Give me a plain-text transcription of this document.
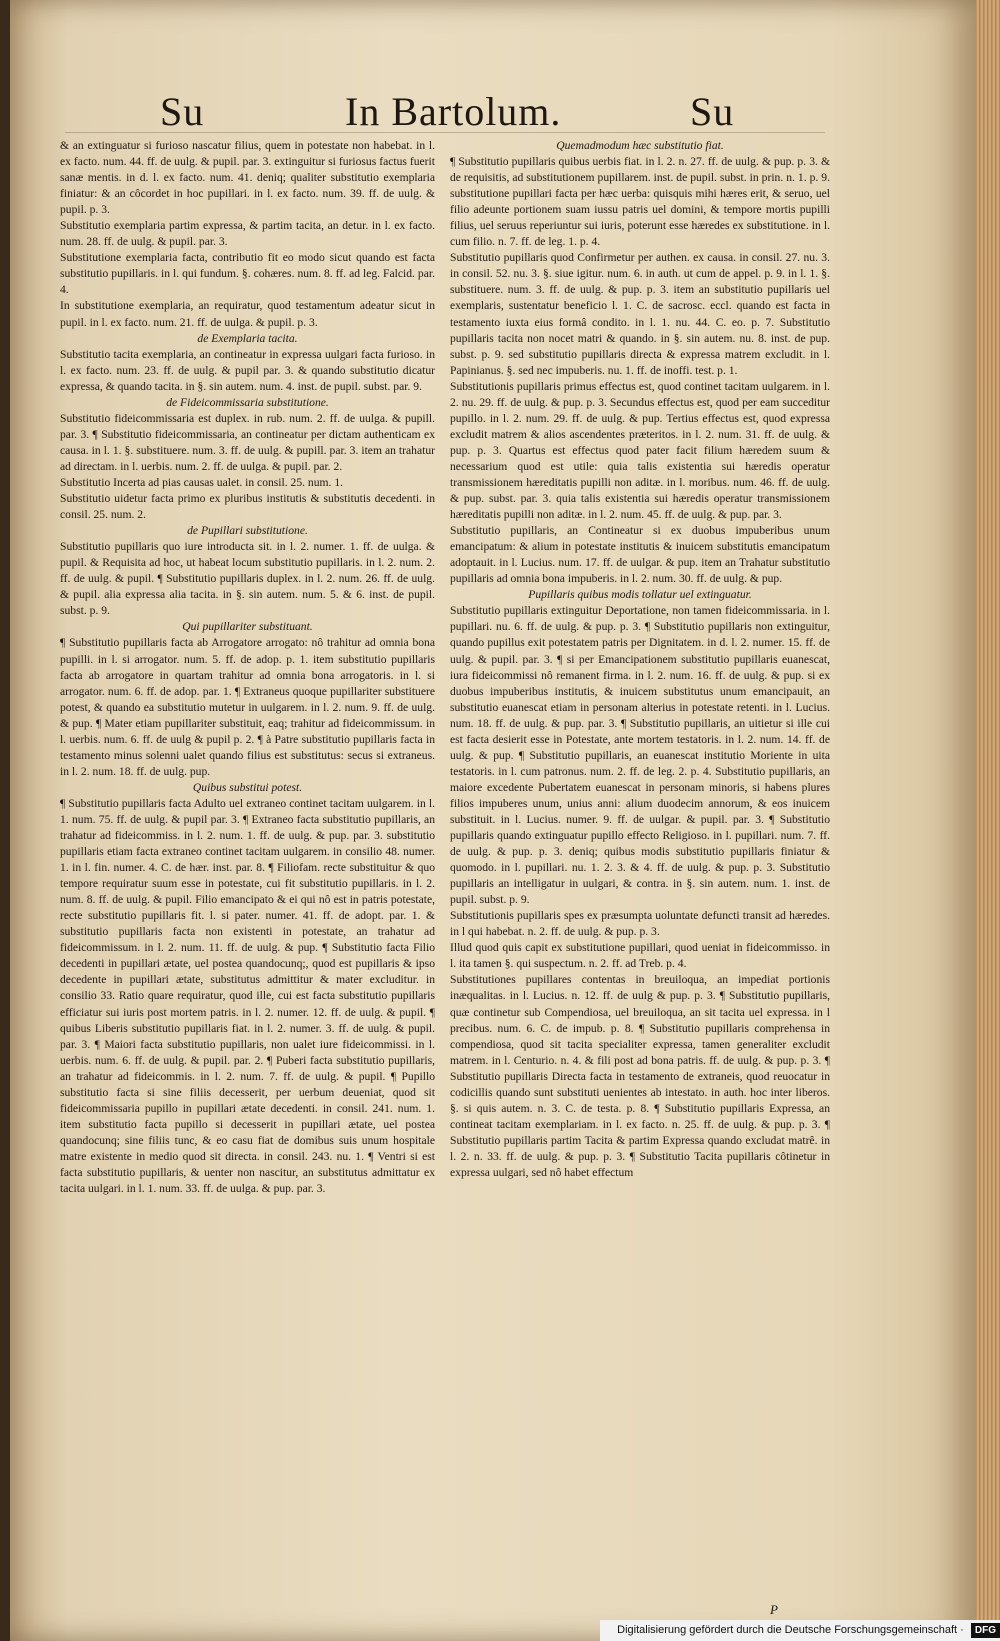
Su	In Bartolum.	Su

& an extinguatur si furioso nascatur filius, quem in potestate non habebat. in l. ex facto. num. 44. ff. de uulg. & pupil. par. 3. extinguitur si furiosus factus fuerit sanæ mentis. in d. l. ex facto. num. 41. deniq; qualiter substitutio exemplaria finiatur: & an côcordet in hoc pupillari. in l. ex facto. num. 39. ff. de uulg. & pupil. p. 3.

Substitutio exemplaria partim expressa, & partim tacita, an detur. in l. ex facto. num. 28. ff. de uulg. & pupil. par. 3.

Substitutione exemplaria facta, contributio fit eo modo sicut quando est facta substitutio pupillaris. in l. qui fundum. §. cohæres. num. 8. ff. ad leg. Falcid. par. 4.

In substitutione exemplaria, an requiratur, quod testamentum adeatur sicut in pupil. in l. ex facto. num. 21. ff. de uulga. & pupil. p. 3.

de Exemplaria tacita.

Substitutio tacita exemplaria, an contineatur in expressa uulgari facta furioso. in l. ex facto. num. 23. ff. de uulg. & pupil par. 3. & quando substitutio dicatur expressa, & quando tacita. in §. sin autem. num. 4. inst. de pupil. subst. par. 9.

de Fideicommissaria substitutione.

Substitutio fideicommissaria est duplex. in rub. num. 2. ff. de uulga. & pupill. par. 3. ¶ Substitutio fideicommissaria, an contineatur per dictam authenticam ex causa. in l. 1. §. substituere. num. 3. ff. de uulg. & pupill. par. 3. item an trahatur ad directam. in l. uerbis. num. 2. ff. de uulga. & pupil. par. 2.

Substitutio Incerta ad pias causas ualet. in consil. 25. num. 1.

Substitutio uidetur facta primo ex pluribus institutis & substitutis decedenti. in consil. 25. num. 2.

de Pupillari substitutione.

Substitutio pupillaris quo iure introducta sit. in l. 2. numer. 1. ff. de uulga. & pupil. & Requisita ad hoc, ut habeat locum substitutio pupillaris. in l. 2. num. 2. ff. de uulg. & pupil. ¶ Substitutio pupillaris duplex. in l. 2. num. 26. ff. de uulg. & pupil. alia expressa alia tacita. in §. sin autem. num. 5. & 6. inst. de pupil. subst. p. 9.

Qui pupillariter substituant.

¶ Substitutio pupillaris facta ab Arrogatore arrogato: nô trahitur ad omnia bona pupilli. in l. si arrogator. num. 5. ff. de adop. p. 1. item substitutio pupillaris facta ab arrogatore in quartam trahitur ad omnia bona arrogatoris. in l. si arrogator. num. 6. ff. de adop. par. 1. ¶ Extraneus quoque pupillariter substituere potest, & quando ea substitutio mutetur in uulgarem. in l. 2. num. 9. ff. de uulg. & pup. ¶ Mater etiam pupillariter substituit, eaq; trahitur ad fideicommissum. in l. uerbis. num. 6. ff. de uulg & pupil p. 2. ¶ à Patre substitutio pupillaris facta in testamento minus solenni ualet quando filius est substitutus: secus si extraneus. in l. 2. num. 18. ff. de uulg. pup.

Quibus substitui potest.

¶ Substitutio pupillaris facta Adulto uel extraneo continet tacitam uulgarem. in l. 1. num. 75. ff. de uulg. & pupil par. 3. ¶ Extraneo facta substitutio pupillaris, an trahatur ad fideicommiss. in l. 2. num. 1. ff. de uulg. & pup. par. 3. substitutio pupillaris etiam facta extraneo continet tacitam uulgarem. in consilio 48. numer. 1. in l. fin. numer. 4. C. de hær. inst. par. 8. ¶ Filiofam. recte substituitur & quo tempore requiratur suum esse in potestate, cui fit substitutio pupillaris. in l. 2. num. 8. ff. de uulg. & pupil. Filio emancipato & ei qui nô est in patris potestate, recte substitutio pupillaris fit. l. si pater. numer. 41. ff. de adopt. par. 1. & substitutio pupillaris facta non existenti in potestate, an trahatur ad fideicommissum. in l. 2. num. 11. ff. de uulg. & pup. ¶ Substitutio facta Filio decedenti in pupillari ætate, uel postea quandocunq;, quod est pupillaris & ipso decedente in pupillari ætate, substitutus admittitur & mater excluditur. in consilio 33. Ratio quare requiratur, quod ille, cui est facta substitutio pupillaris efficiatur sui iuris post mortem patris. in l. 2. numer. 12. ff. de uulg. & pupil. ¶ quibus Liberis substitutio pupillaris fiat. in l. 2. numer. 3. ff. de uulg. & pupil. par. 3. ¶ Maiori facta substitutio pupillaris, non ualet iure fideicommissi. in l. uerbis. num. 6. ff. de uulg. & pupil. par. 2. ¶ Puberi facta substitutio pupillaris, an trahatur ad fideicommis. in l. 2. num. 7. ff. de uulg. & pupil. ¶ Pupillo substitutio facta si sine filiis decesserit, per uerbum deueniat, quod sit fideicommissaria pupillo in pupillari ætate decedenti. in consil. 241. num. 1. item substitutio facta pupillo si decesserit in pupillari ætate, uel postea quandocunq; sine filiis tunc, & eo casu fiat de domibus suis unum hospitale matre existente in medio quod sit directa. in consil. 243. nu. 1. ¶ Ventri si est facta substitutio pupillaris, & uenter non nascitur, an substitutus admittatur ex tacita uulgari. in l. 1. num. 33. ff. de uulga. & pup. par. 3.

Quemadmodum hæc substitutio fiat.

¶ Substitutio pupillaris quibus uerbis fiat. in l. 2. n. 27. ff. de uulg. & pup. p. 3. & de requisitis, ad substitutionem pupillarem. inst. de pupil. subst. in prin. n. 1. p. 9. substitutione pupillari facta per hæc uerba: quisquis mihi hæres erit, & seruo, uel filio adeunte portionem suam iussu patris uel domini, & tempore mortis pupilli filius, uel seruus reperiuntur sui iuris, poterunt esse hæredes ex substitutione. in l. cum filio. n. 7. ff. de leg. 1. p. 4.

Substitutio pupillaris quod Confirmetur per authen. ex causa. in consil. 27. nu. 3. in consil. 52. nu. 3. §. siue igitur. num. 6. in auth. ut cum de appel. p. 9. in l. 1. §. substituere. num. 3. ff. de uulg. & pup. p. 3. item an substitutio pupillaris uel exemplaris, sustentatur beneficio l. 1. C. de sacrosc. eccl. quando est facta in testamento iuxta eius formâ condito. in l. 1. nu. 44. C. eo. p. 7. Substitutio pupillaris tacita non nocet matri & quando. in §. sin autem. nu. 8. inst. de pup. subst. p. 9. sed substitutio pupillaris directa & expressa matrem excludit. in l. Papinianus. §. sed nec impuberis. nu. 1. ff. de inoffi. test. p. 1.

Substitutionis pupillaris primus effectus est, quod continet tacitam uulgarem. in l. 2. nu. 29. ff. de uulg. & pup. p. 3. Secundus effectus est, quod per eam succeditur pupillo. in l. 2. num. 29. ff. de uulg. & pup. Tertius effectus est, quod expressa excludit matrem & alios ascendentes præteritos. in l. 2. num. 31. ff. de uulg. & pup. p. 3. Quartus est effectus quod pater facit filium hæredem suum & necessarium quod est utile: quia talis existentia sui hæredis operatur transmissionem hæreditatis pupilli non aditæ. in l. moribus. num. 46. ff. de uulg. & pup. subst. par. 3. quia talis existentia sui hæredis operatur transmissionem hæreditatis pupilli non aditæ. in l. 2. num. 45. ff. de uulg. & pup. par. 3.

Substitutio pupillaris, an Contineatur si ex duobus impuberibus unum emancipatum: & alium in potestate institutis & inuicem substitutis emancipatum adoptauit. in l. Lucius. num. 17. ff. de uulgar. & pup. item an Trahatur substitutio pupillaris ad omnia bona impuberis. in l. 2. num. 30. ff. de uulg. & pup.

Pupillaris quibus modis tollatur uel extinguatur.

Substitutio pupillaris extinguitur Deportatione, non tamen fideicommissaria. in l. pupillari. nu. 6. ff. de uulg. & pup. p. 3. ¶ Substitutio pupillaris non extinguitur, quando pupillus exit potestatem patris per Dignitatem. in d. l. 2. numer. 15. ff. de uulg. & pupil. par. 3. ¶ si per Emancipationem substitutio pupillaris euanescat, iura fideicommissi nô remanent firma. in l. 2. num. 16. ff. de uulg. & pup. si ex duobus impuberibus institutis, & inuicem substitutus unum emancipauit, an substitutio euanescat etiam in personam alterius in potestate retenti. in l. Lucius. num. 18. ff. de uulg. & pup. par. 3. ¶ Substitutio pupillaris, an uitietur si ille cui est facta desierit esse in Potestate, ante mortem testatoris. in l. 2. num. 14. ff. de uulg. & pup. ¶ Substitutio pupillaris, an euanescat institutio Moriente in uita testatoris. in l. cum patronus. num. 2. ff. de leg. 2. p. 4. Substitutio pupillaris, an maiore excedente Pubertatem euanescat in personam minoris, si habens plures filios impuberes unum, unius anni: alium duodecim annorum, & eos inuicem substituit. in l. Lucius. numer. 9. ff. de uulgar. & pupil. par. 3. ¶ Substitutio pupillaris quando extinguatur pupillo effecto Religioso. in l. pupillari. num. 7. ff. de uulg. & pup. p. 3. deniq; quibus modis substitutio pupillaris finiatur & quomodo. in l. pupillari. nu. 1. 2. 3. & 4. ff. de uulg. & pup. p. 3. Substitutio pupillaris an intelligatur in uulgari, & contra. in §. sin autem. num. 1. inst. de pupil. subst. p. 9.

Substitutionis pupillaris spes ex præsumpta uoluntate defuncti transit ad hæredes. in l qui habebat. n. 2. ff. de uulg. & pup. p. 3.

Illud quod quis capit ex substitutione pupillari, quod ueniat in fideicommisso. in l. ita tamen §. qui suspectum. n. 2. ff. ad Treb. p. 4.

Substitutiones pupillares contentas in breuiloqua, an impediat portionis inæqualitas. in l. Lucius. n. 12. ff. de uulg & pup. p. 3. ¶ Substitutio pupillaris, quæ continetur sub Compendiosa, uel breuiloqua, an sit tacita uel expressa. in l precibus. num. 6. C. de impub. p. 8. ¶ Substitutio pupillaris comprehensa in compendiosa, quod sit tacita specialiter expressa, tamen generaliter excludit matrem. in l. Centurio. n. 4. & fili post ad bona patris. ff. de uulg. & pup. p. 3. ¶ Substitutio pupillaris Directa facta in testamento de extraneis, quod reuocatur in codicillis quando sunt substituti uenientes ab intestato. in auth. hoc inter liberos. §. si quis autem. n. 3. C. de testa. p. 8. ¶ Substitutio pupillaris Expressa, an contineat tacitam exemplariam. in l. ex facto. n. 25. ff. de uulg. & pup. p. 3. ¶ Substitutio pupillaris partim Tacita & partim Expressa quando excludat matrê. in l. 2. n. 33. ff. de uulg. & pup. p. 3. ¶ Substitutio Tacita pupillaris côtinetur in expressa uulgari, sed nô habet effectum

P
Digitalisierung gefördert durch die Deutsche Forschungsgemeinschaft · DFG
